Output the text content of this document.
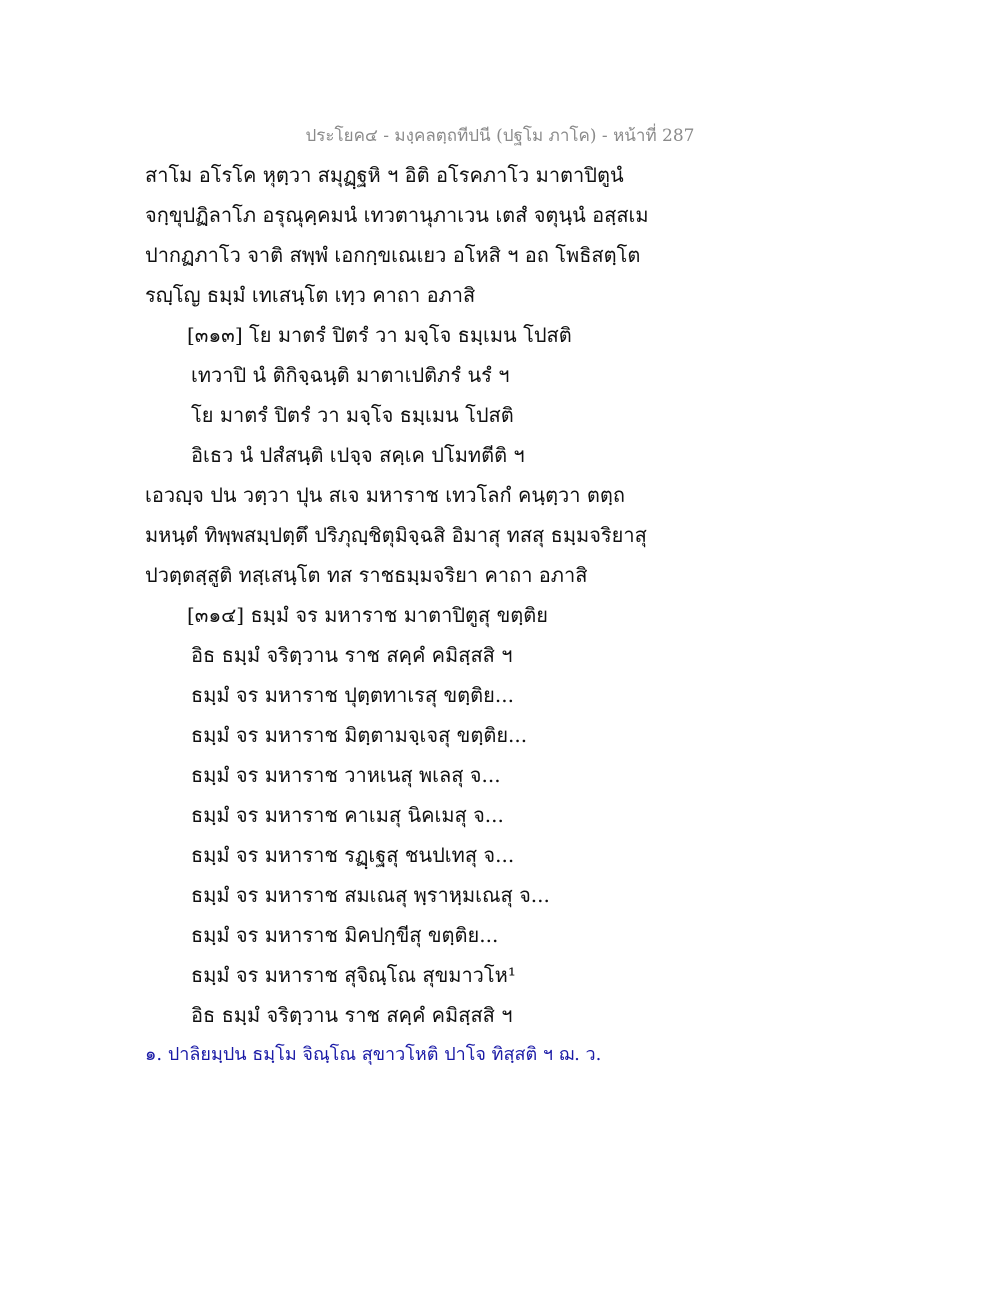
ประโยค๔ - มงฺคลตฺถทีปนี (ปฐโม ภาโค) - หน้าที่ 287
สาโม อโรโค หุตฺวา สมุฏฺฐหิ ฯ อิติ อโรคภาโว มาตาปิตูนํ
จกฺขุปฏิลาโภ อรุณุคฺคมนํ เทวตานุภาเวน เตสํ จตุนฺนํ อสฺสเม
ปากฏภาโว จาติ สพฺพํ เอกกฺขเณเยว อโหสิ ฯ อถ โพธิสตฺโต
รญฺโญ ธมฺมํ เทเสนฺโต เทฺว คาถา อภาสิ
[๓๑๓] โย มาตรํ ปิตรํ วา มจฺโจ ธมฺเมน โปสติ
เทวาปิ นํ ติกิจฺฉนฺติ มาตาเปติภรํ นรํ ฯ
โย มาตรํ ปิตรํ วา มจฺโจ ธมฺเมน โปสติ
อิเธว นํ ปสํสนฺติ เปจฺจ สคฺเค ปโมทตีติ ฯ
เอวญฺจ ปน วตฺวา ปุน สเจ มหาราช เทวโลกํ คนฺตฺวา ตตฺถ
มหนฺตํ ทิพฺพสมฺปตฺตึ ปริภุญฺชิตุมิจฺฉสิ อิมาสุ ทสสุ ธมฺมจริยาสุ
ปวตฺตสฺสูติ ทสฺเสนฺโต ทส ราชธมฺมจริยา คาถา อภาสิ
[๓๑๔] ธมฺมํ จร มหาราช มาตาปิตูสุ ขตฺติย
อิธ ธมฺมํ จริตฺวาน ราช สคฺคํ คมิสฺสสิ ฯ
ธมฺมํ จร มหาราช ปุตฺตทาเรสุ ขตฺติย...
ธมฺมํ จร มหาราช มิตฺตามจฺเจสุ ขตฺติย...
ธมฺมํ จร มหาราช วาหเนสุ พเลสุ จ...
ธมฺมํ จร มหาราช คาเมสุ นิคเมสุ จ...
ธมฺมํ จร มหาราช รฏฺเฐสุ ชนปเทสุ จ...
ธมฺมํ จร มหาราช สมเณสุ พฺราหฺมเณสุ จ...
ธมฺมํ จร มหาราช มิคปกฺขีสุ ขตฺติย...
ธมฺมํ จร มหาราช สุจิณฺโณ สุขมาวโห¹
อิธ ธมฺมํ จริตฺวาน ราช สคฺคํ คมิสฺสสิ ฯ
๑. ปาลิยมฺปน ธมฺโม จิณฺโณ สุขาวโหติ ปาโจ ทิสฺสติ ฯ ฌ. ว.
